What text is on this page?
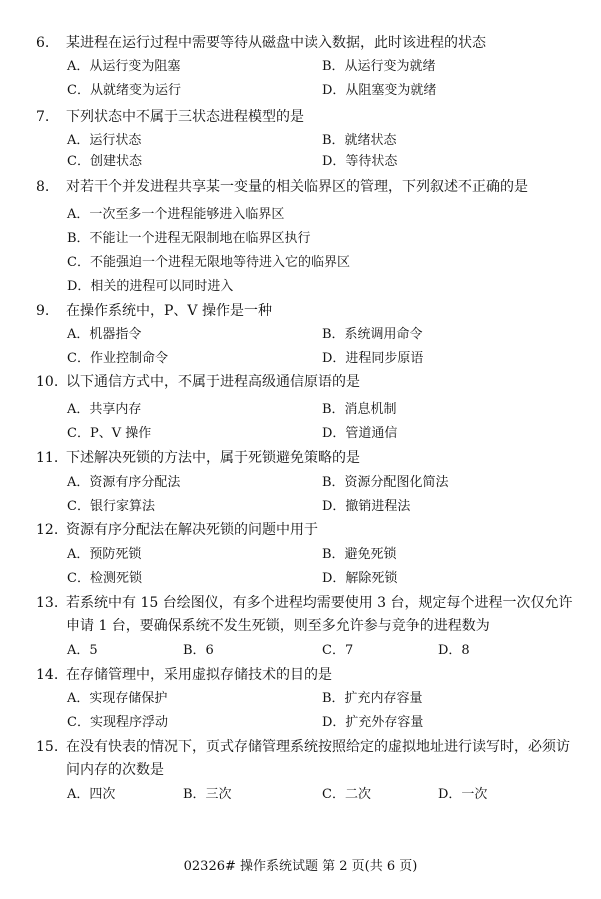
6. 某进程在运行过程中需要等待从磁盘中读入数据，此时该进程的状态
A．从运行变为阻塞	B．从运行变为就绪
C．从就绪变为运行	D．从阻塞变为就绪
7. 下列状态中不属于三状态进程模型的是
A．运行状态	B．就绪状态
C．创建状态	D．等待状态
8. 对若干个并发进程共享某一变量的相关临界区的管理，下列叙述不正确的是
A．一次至多一个进程能够进入临界区
B．不能让一个进程无限制地在临界区执行
C．不能强迫一个进程无限地等待进入它的临界区
D．相关的进程可以同时进入
9. 在操作系统中，P、V 操作是一种
A．机器指令	B．系统调用命令
C．作业控制命令	D．进程同步原语
10. 以下通信方式中，不属于进程高级通信原语的是
A．共享内存	B．消息机制
C．P、V 操作	D．管道通信
11. 下述解决死锁的方法中，属于死锁避免策略的是
A．资源有序分配法	B．资源分配图化简法
C．银行家算法	D．撤销进程法
12. 资源有序分配法在解决死锁的问题中用于
A．预防死锁	B．避免死锁
C．检测死锁	D．解除死锁
13. 若系统中有 15 台绘图仪，有多个进程均需要使用 3 台，规定每个进程一次仅允许
申请 1 台，要确保系统不发生死锁，则至多允许参与竞争的进程数为
A．5	B．6	C．7	D．8
14. 在存储管理中，采用虚拟存储技术的目的是
A．实现存储保护	B．扩充内存容量
C．实现程序浮动	D．扩充外存容量
15. 在没有快表的情况下，页式存储管理系统按照给定的虚拟地址进行读写时，必须访
问内存的次数是
A．四次	B．三次	C．二次	D．一次
02326# 操作系统试题 第 2 页(共 6 页)
